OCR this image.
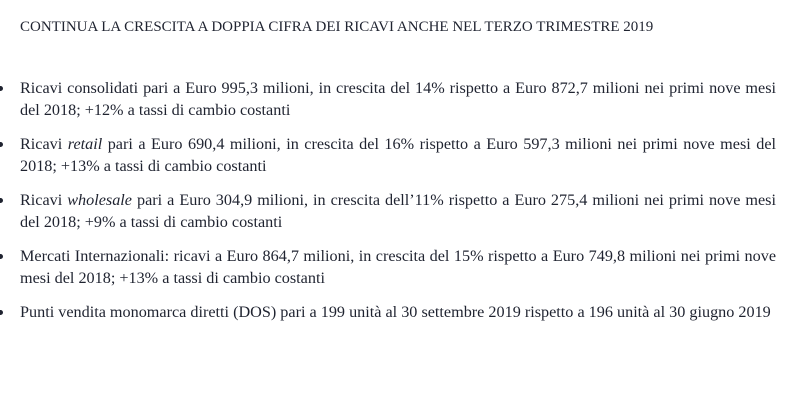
CONTINUA LA CRESCITA A DOPPIA CIFRA DEI RICAVI ANCHE NEL TERZO TRIMESTRE 2019
Ricavi consolidati pari a Euro 995,3 milioni, in crescita del 14% rispetto a Euro 872,7 milioni nei primi nove mesi del 2018; +12% a tassi di cambio costanti
Ricavi retail pari a Euro 690,4 milioni, in crescita del 16% rispetto a Euro 597,3 milioni nei primi nove mesi del 2018; +13% a tassi di cambio costanti
Ricavi wholesale pari a Euro 304,9 milioni, in crescita dell’11% rispetto a Euro 275,4 milioni nei primi nove mesi del 2018; +9% a tassi di cambio costanti
Mercati Internazionali: ricavi a Euro 864,7 milioni, in crescita del 15% rispetto a Euro 749,8 milioni nei primi nove mesi del 2018; +13% a tassi di cambio costanti
Punti vendita monomarca diretti (DOS) pari a 199 unità al 30 settembre 2019 rispetto a 196 unità al 30 giugno 2019
